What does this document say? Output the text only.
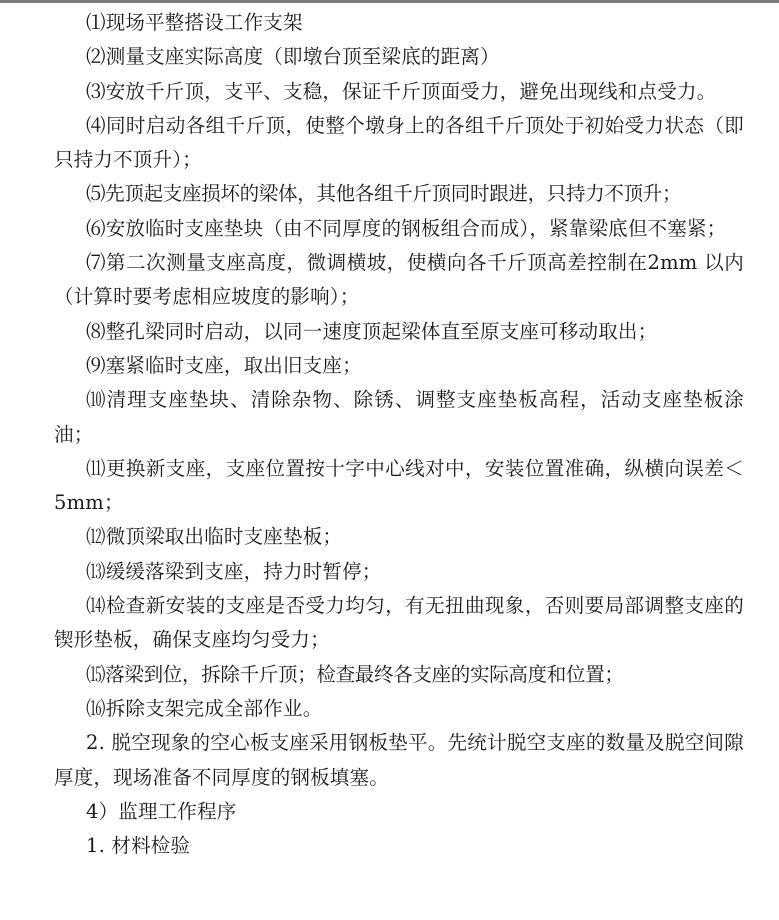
⑴现场平整搭设工作支架

⑵测量支座实际高度（即墩台顶至梁底的距离）

⑶安放千斤顶，支平、支稳，保证千斤顶面受力，避免出现线和点受力。

⑷同时启动各组千斤顶，使整个墩身上的各组千斤顶处于初始受力状态（即只持力不顶升）；

⑸先顶起支座损坏的梁体，其他各组千斤顶同时跟进，只持力不顶升；

⑹安放临时支座垫块（由不同厚度的钢板组合而成），紧靠梁底但不塞紧；

⑺第二次测量支座高度，微调横坡，使横向各千斤顶高差控制在2mm 以内（计算时要考虑相应坡度的影响）；

⑻整孔梁同时启动，以同一速度顶起梁体直至原支座可移动取出；

⑼塞紧临时支座，取出旧支座；

⑽清理支座垫块、清除杂物、除锈、调整支座垫板高程，活动支座垫板涂油；

⑾更换新支座，支座位置按十字中心线对中，安装位置准确，纵横向误差＜5mm；

⑿微顶梁取出临时支座垫板；

⒀缓缓落梁到支座，持力时暂停；

⒁检查新安装的支座是否受力均匀，有无扭曲现象，否则要局部调整支座的锲形垫板，确保支座均匀受力；

⒂落梁到位，拆除千斤顶；检查最终各支座的实际高度和位置；

⒃拆除支架完成全部作业。

2. 脱空现象的空心板支座采用钢板垫平。先统计脱空支座的数量及脱空间隙厚度，现场准备不同厚度的钢板填塞。

4）监理工作程序

1. 材料检验
